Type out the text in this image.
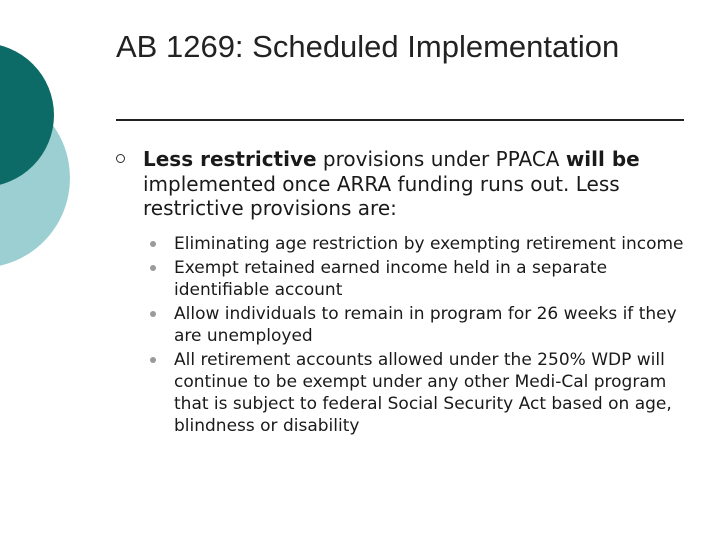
AB 1269: Scheduled Implementation
Less restrictive provisions under PPACA will be implemented once ARRA funding runs out. Less restrictive provisions are:
Eliminating age restriction by exempting retirement income
Exempt retained earned income held in a separate identifiable account
Allow individuals to remain in program for 26 weeks if they are unemployed
All retirement accounts allowed under the 250% WDP will continue to be exempt under any other Medi-Cal program that is subject to federal Social Security Act based on age, blindness or disability
